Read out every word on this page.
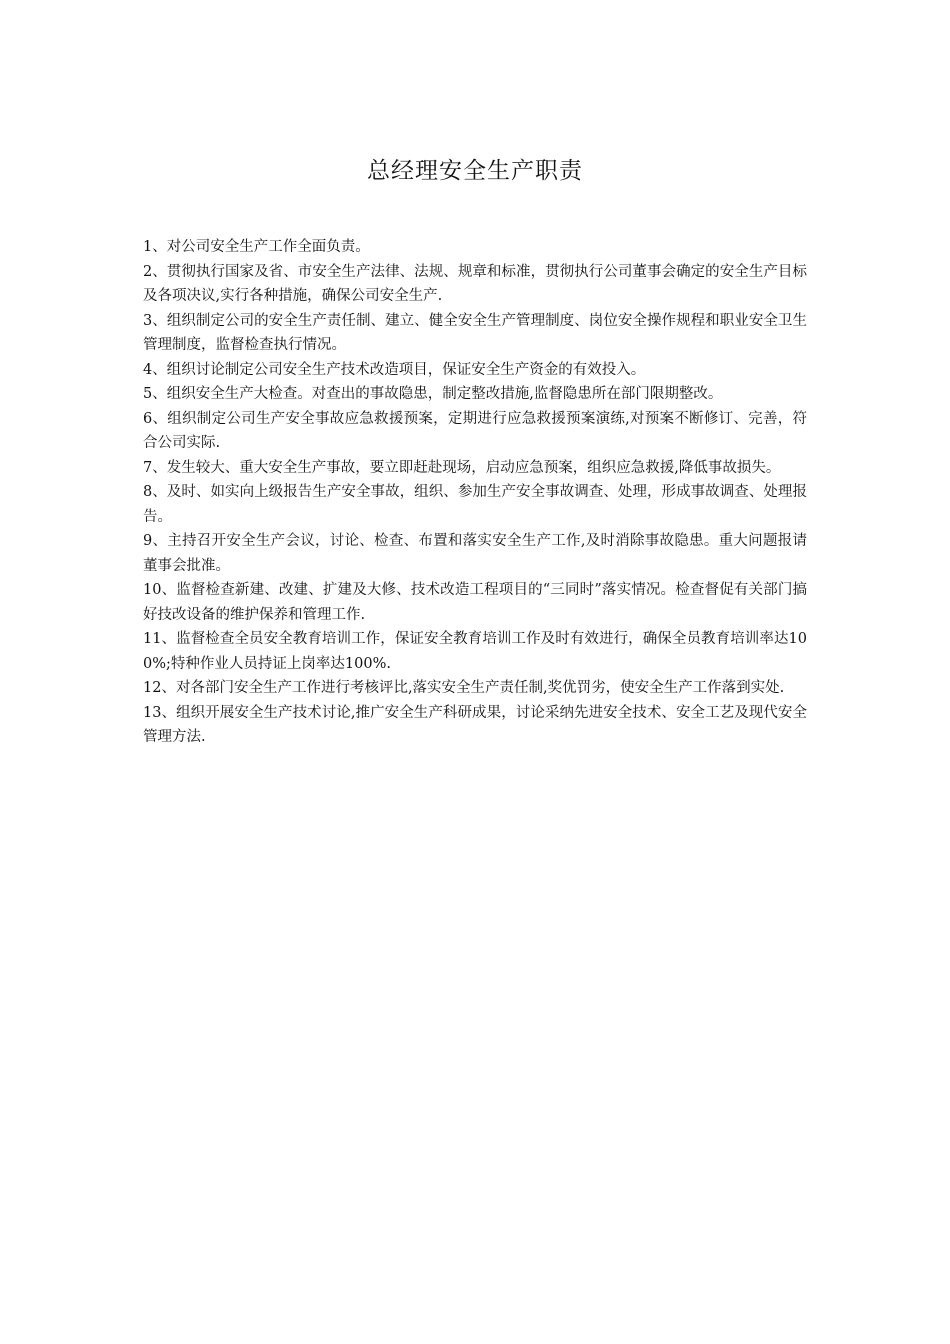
总经理安全生产职责
1、对公司安全生产工作全面负责。
2、贯彻执行国家及省、市安全生产法律、法规、规章和标准，贯彻执行公司董事会确定的安全生产目标及各项决议,实行各种措施，确保公司安全生产.
3、组织制定公司的安全生产责任制、建立、健全安全生产管理制度、岗位安全操作规程和职业安全卫生管理制度，监督检查执行情况。
4、组织讨论制定公司安全生产技术改造项目，保证安全生产资金的有效投入。
5、组织安全生产大检查。对查出的事故隐患，制定整改措施,监督隐患所在部门限期整改。
6、组织制定公司生产安全事故应急救援预案，定期进行应急救援预案演练,对预案不断修订、完善，符合公司实际.
7、发生较大、重大安全生产事故，要立即赶赴现场，启动应急预案，组织应急救援,降低事故损失。
8、及时、如实向上级报告生产安全事故，组织、参加生产安全事故调查、处理，形成事故调查、处理报告。
9、主持召开安全生产会议，讨论、检查、布置和落实安全生产工作,及时消除事故隐患。重大问题报请董事会批准。
10、监督检查新建、改建、扩建及大修、技术改造工程项目的“三同时”落实情况。检查督促有关部门搞好技改设备的维护保养和管理工作.
11、监督检查全员安全教育培训工作，保证安全教育培训工作及时有效进行，确保全员教育培训率达100%;特种作业人员持证上岗率达100%.
12、对各部门安全生产工作进行考核评比,落实安全生产责任制,奖优罚劣，使安全生产工作落到实处.
13、组织开展安全生产技术讨论,推广安全生产科研成果，讨论采纳先进安全技术、安全工艺及现代安全管理方法.
